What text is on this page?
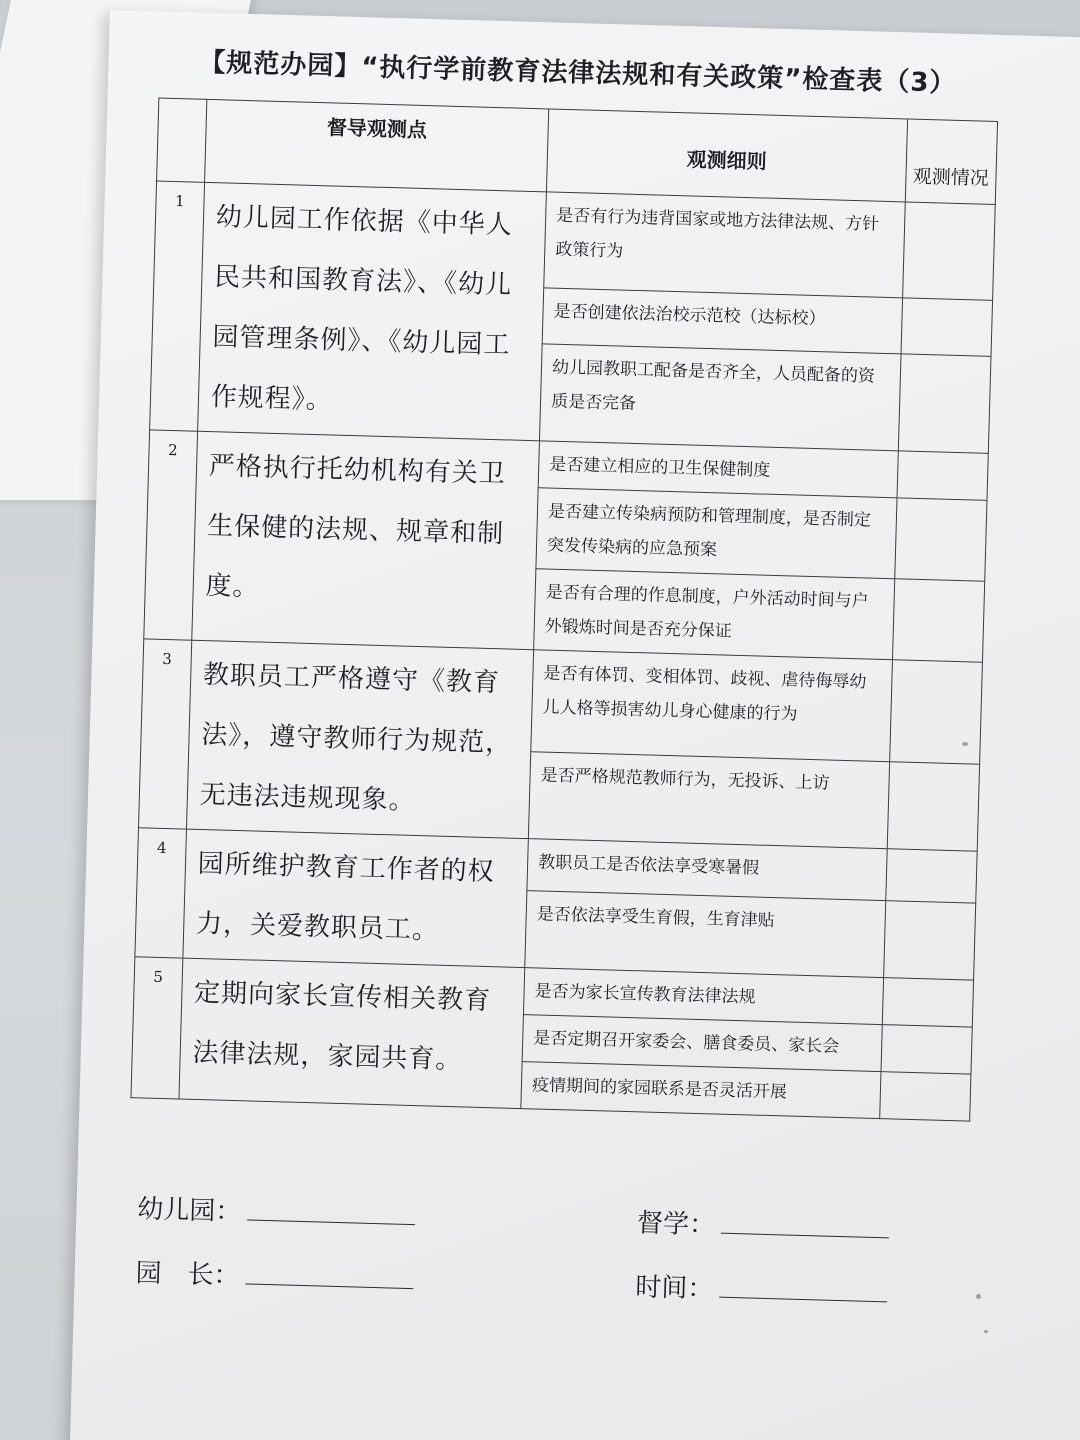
【规范办园】“执行学前教育法律法规和有关政策”检查表（3）
	督导观测点	观测细则	观测情况
1	幼儿园工作依据《中华人民共和国教育法》、《幼儿园管理条例》、《幼儿园工作规程》。	是否有行为违背国家或地方法律法规、方针政策行为	
		是否创建依法治校示范校（达标校）	
		幼儿园教职工配备是否齐全，人员配备的资质是否完备	
2	严格执行托幼机构有关卫生保健的法规、规章和制度。	是否建立相应的卫生保健制度	
		是否建立传染病预防和管理制度，是否制定突发传染病的应急预案	
		是否有合理的作息制度，户外活动时间与户外锻炼时间是否充分保证	
3	教职员工严格遵守《教育法》，遵守教师行为规范，无违法违规现象。	是否有体罚、变相体罚、歧视、虐待侮辱幼儿人格等损害幼儿身心健康的行为	
		是否严格规范教师行为，无投诉、上访	
4	园所维护教育工作者的权力，关爱教职员工。	教职员工是否依法享受寒暑假	
		是否依法享受生育假，生育津贴	
5	定期向家长宣传相关教育法律法规，家园共育。	是否为家长宣传教育法律法规	
		是否定期召开家委会、膳食委员、家长会	
		疫情期间的家园联系是否灵活开展	
幼儿园：	督学：
园　长：	时间：
